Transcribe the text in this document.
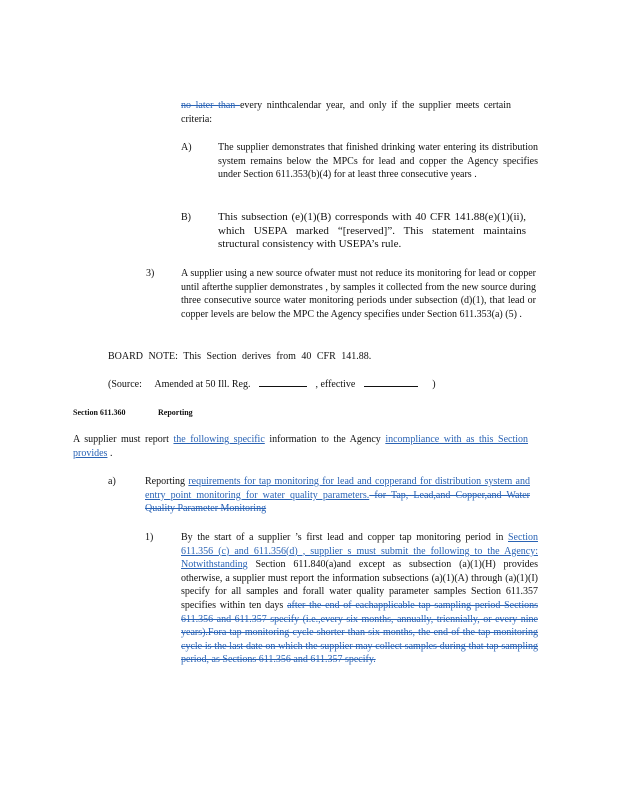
no later than every ninthcalendar year, and only if the supplier meets certain criteria:
A)	The supplier demonstrates that finished drinking water entering its distribution system remains below the MPCs for lead and copper the Agency specifies under Section 611.353(b)(4) for at least three consecutive years .
B) This subsection (e)(1)(B) corresponds with 40 CFR 141.88(e)(1)(ii), which USEPA marked “[reserved]”. This statement maintains structural consistency with USEPA’s rule.
3)	A supplier using a new source ofwater must not reduce its monitoring for lead or copper until afterthe supplier demonstrates , by samples it collected from the new source during three consecutive source water monitoring periods under subsection (d)(1), that lead or copper levels are below the MPC the Agency specifies under Section 611.353(a) (5) .
BOARD NOTE: This Section derives from 40 CFR 141.88.
(Source: Amended at 50 Ill. Reg.	, effective	)
Section 611.360	Reporting
A supplier must report the following specific information to the Agency incompliance with as this Section provides .
a)	Reporting requirements for tap monitoring for lead and copperand for distribution system and entry point monitoring for water quality parameters. for Tap, Lead,and Copper,and Water Quality Parameter Monitoring
1)	By the start of a supplier ’s first lead and copper tap monitoring period in Section 611.356 (c) and 611.356(d) , supplier s must submit the following to the Agency: Notwithstanding Section 611.840(a)and except as subsection (a)(1)(H) provides otherwise, a supplier must report the information subsections (a)(1)(A) through (a)(1)(I) specify for all samples and forall water quality parameter samples Section 611.357 specifies within ten days after the end of eachapplicable tap sampling period Sections 611.356 and 611.357 specify (i.e.,every six months, annually, triennially, or every nine years).Fora tap monitoring cycle shorter than six months, the end of the tap monitoring cycle is the last date on which the supplier may collect samples during that tap sampling period, as Sections 611.356 and 611.357 specify.
